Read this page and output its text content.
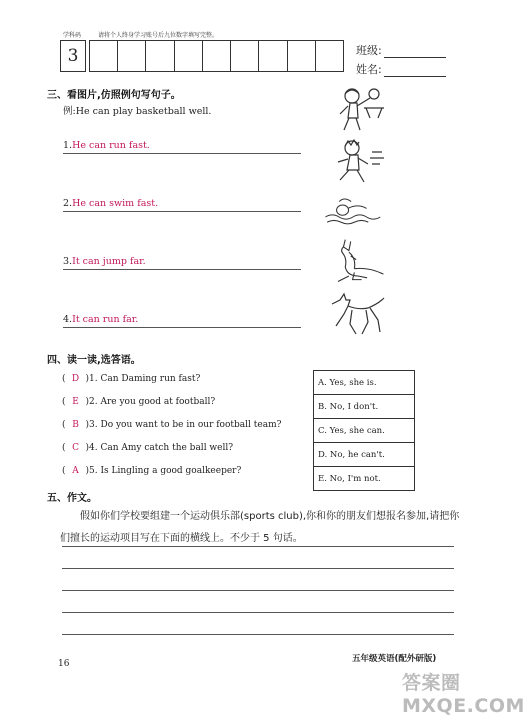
学科码	请将个人终身学习账号后九位数字填写完整。
3	班级:
姓名:
三、看图片,仿照例句写句子。
例:He can play basketball well.
1.He can run fast.
2.He can swim fast.
3.It can jump far.
4.It can run far.
四、读一读,选答语。
( D )1. Can Daming run fast?
( E )2. Are you good at football?
( B )3. Do you want to be in our football team?
( C )4. Can Amy catch the ball well?
( A )5. Is Lingling a good goalkeeper?
A. Yes, she is.
B. No, I don't.
C. Yes, she can.
D. No, he can't.
E. No, I'm not.
五、作文。
假如你们学校要组建一个运动俱乐部(sports club),你和你的朋友们想报名参加,请把你们擅长的运动项目写在下面的横线上。不少于 5 句话。
16	五年级英语(配外研版)
答案圈 MXQE.COM
